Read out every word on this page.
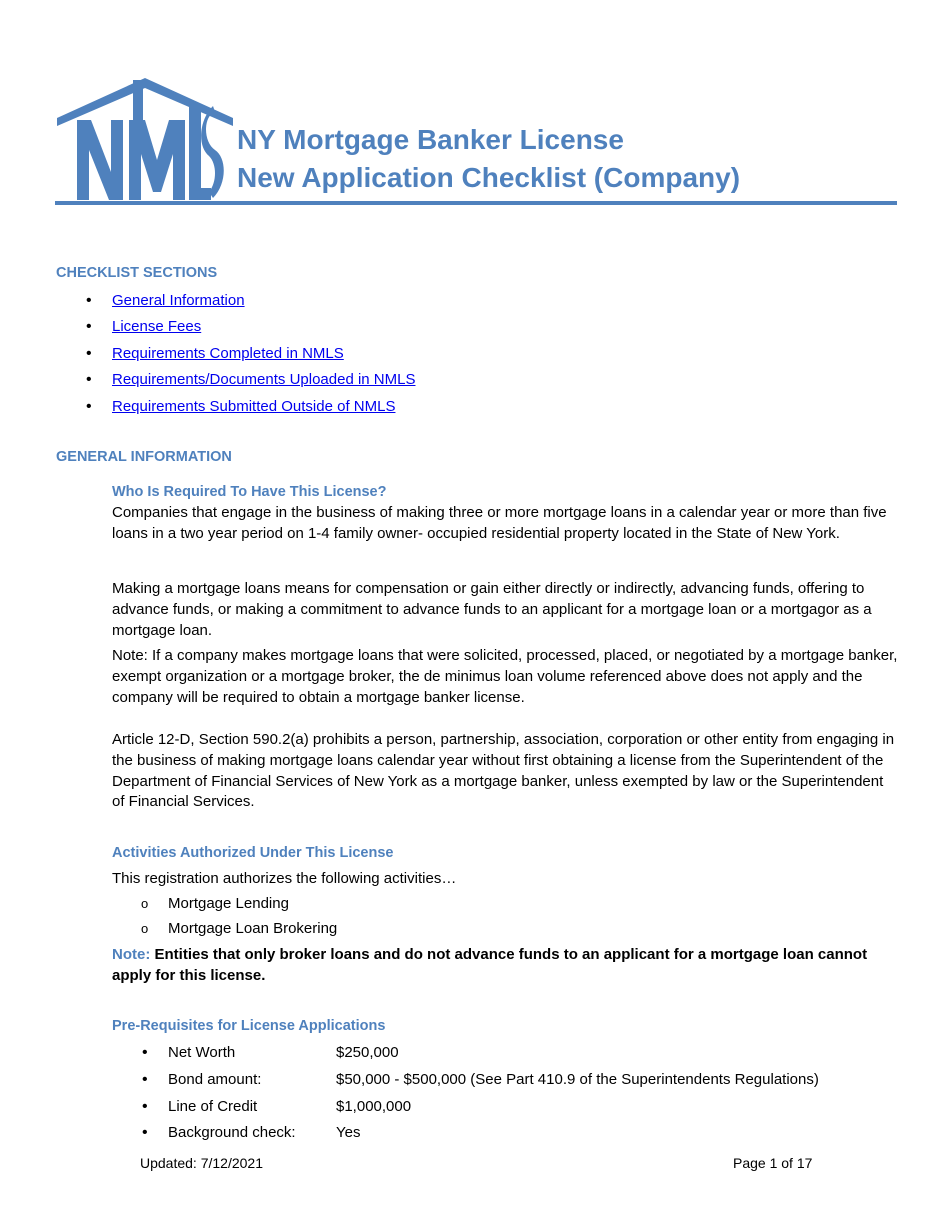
NY Mortgage Banker License
New Application Checklist (Company)
CHECKLIST SECTIONS
• General Information
• License Fees
• Requirements Completed in NMLS
• Requirements/Documents Uploaded in NMLS
• Requirements Submitted Outside of NMLS
GENERAL INFORMATION
Who Is Required To Have This License?
Companies that engage in the business of making three or more mortgage loans in a calendar year or more than five loans in a two year period on 1-4 family owner- occupied residential property located in the State of New York.
Making a mortgage loans means for compensation or gain either directly or indirectly, advancing funds, offering to advance funds, or making a commitment to advance funds to an applicant for a mortgage loan or a mortgagor as a mortgage loan.
Note: If a company makes mortgage loans that were solicited, processed, placed, or negotiated by a mortgage banker, exempt organization or a mortgage broker, the de minimus loan volume referenced above does not apply and the company will be required to obtain a mortgage banker license.
Article 12-D, Section 590.2(a) prohibits a person, partnership, association, corporation or other entity from engaging in the business of making mortgage loans calendar year without first obtaining a license from the Superintendent of the Department of Financial Services of New York as a mortgage banker, unless exempted by law or the Superintendent of Financial Services.
Activities Authorized Under This License
This registration authorizes the following activities…
o Mortgage Lending
o Mortgage Loan Brokering
Note: Entities that only broker loans and do not advance funds to an applicant for a mortgage loan cannot apply for this license.
Pre-Requisites for License Applications
• Net Worth	$250,000
• Bond amount:	$50,000 - $500,000 (See Part 410.9 of the Superintendents Regulations)
• Line of Credit	$1,000,000
• Background check:	Yes
Updated: 7/12/2021	Page 1 of 17
